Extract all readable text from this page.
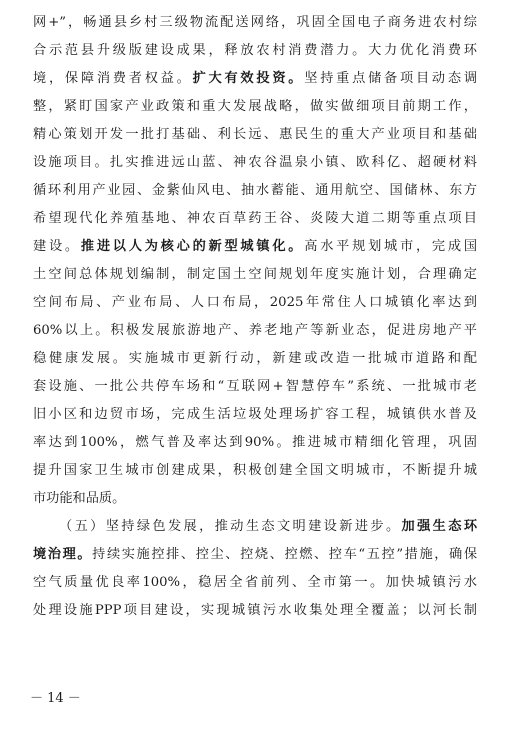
网+”，畅通县乡村三级物流配送网络，巩固全国电子商务进农村综
合示范县升级版建设成果，释放农村消费潜力。大力优化消费环
境，保障消费者权益。扩大有效投资。坚持重点储备项目动态调
整，紧盯国家产业政策和重大发展战略，做实做细项目前期工作，
精心策划开发一批打基础、利长远、惠民生的重大产业项目和基础
设施项目。扎实推进远山蓝、神农谷温泉小镇、欧科亿、超硬材料
循环利用产业园、金紫仙风电、抽水蓄能、通用航空、国储林、东方
希望现代化养殖基地、神农百草药王谷、炎陵大道二期等重点项目
建设。推进以人为核心的新型城镇化。高水平规划城市，完成国
土空间总体规划编制，制定国土空间规划年度实施计划，合理确定
空间布局、产业布局、人口布局，2025年常住人口城镇化率达到
60%以上。积极发展旅游地产、养老地产等新业态，促进房地产平
稳健康发展。实施城市更新行动，新建或改造一批城市道路和配
套设施、一批公共停车场和“互联网+智慧停车”系统、一批城市老
旧小区和边贸市场，完成生活垃圾处理场扩容工程，城镇供水普及
率达到100%，燃气普及率达到90%。推进城市精细化管理，巩固
提升国家卫生城市创建成果，积极创建全国文明城市，不断提升城
市功能和品质。
（五）坚持绿色发展，推动生态文明建设新进步。加强生态环
境治理。持续实施控排、控尘、控烧、控燃、控车“五控”措施，确保
空气质量优良率100%，稳居全省前列、全市第一。加快城镇污水
处理设施PPP项目建设，实现城镇污水收集处理全覆盖；以河长制
－ 14 －
